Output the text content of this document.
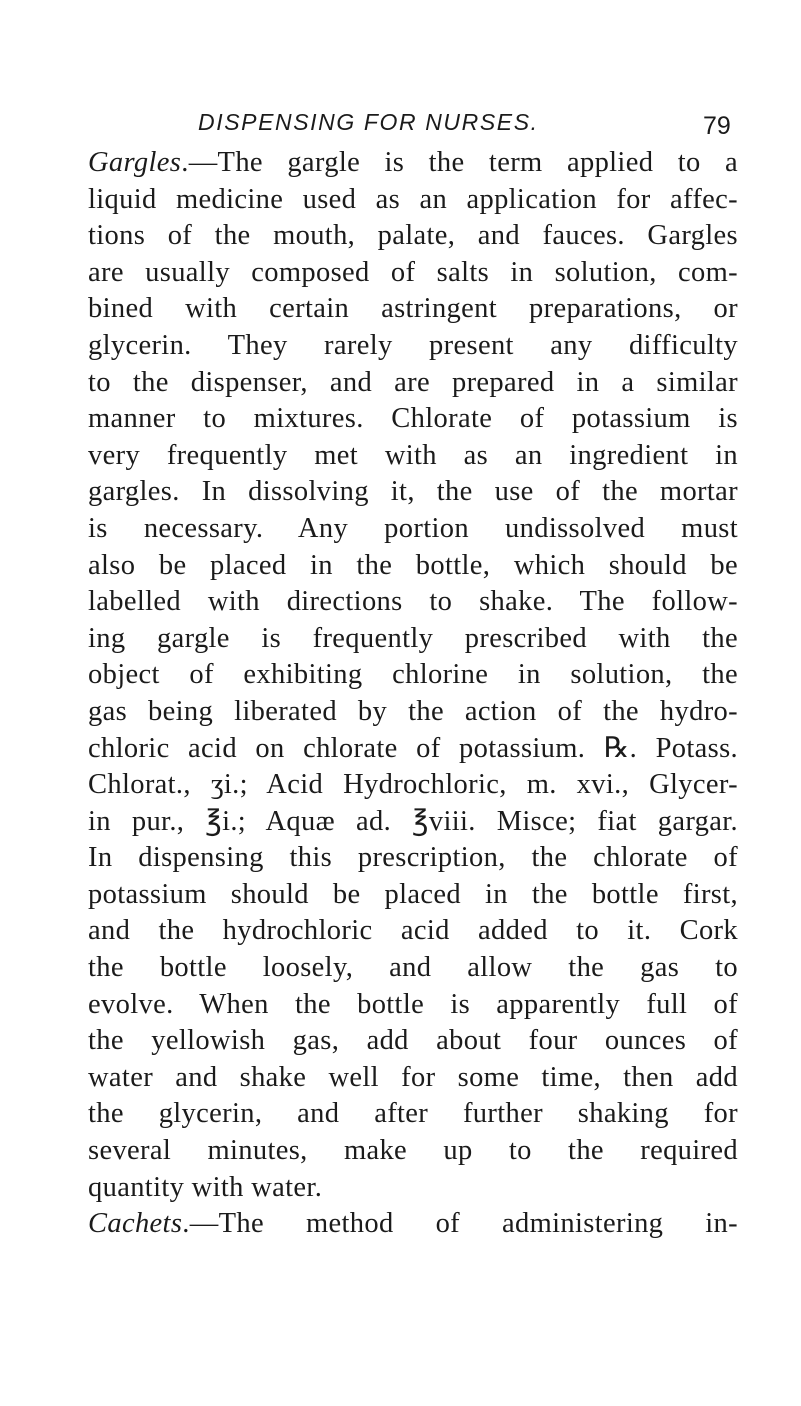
DISPENSING FOR NURSES.	79
Gargles.—The gargle is the term applied to a
liquid medicine used as an application for affec-
tions of the mouth, palate, and fauces. Gargles
are usually composed of salts in solution, com-
bined with certain astringent preparations, or
glycerin. They rarely present any difficulty
to the dispenser, and are prepared in a similar
manner to mixtures. Chlorate of potassium is
very frequently met with as an ingredient in
gargles. In dissolving it, the use of the mortar
is necessary. Any portion undissolved must
also be placed in the bottle, which should be
labelled with directions to shake. The follow-
ing gargle is frequently prescribed with the
object of exhibiting chlorine in solution, the
gas being liberated by the action of the hydro-
chloric acid on chlorate of potassium. ℞. Potass.
Chlorat., ʒi.; Acid Hydrochloric, m. xvi., Glycer-
in pur., ℥i.; Aquæ ad. ℥viii. Misce; fiat gargar.
In dispensing this prescription, the chlorate of
potassium should be placed in the bottle first,
and the hydrochloric acid added to it. Cork
the bottle loosely, and allow the gas to
evolve. When the bottle is apparently full of
the yellowish gas, add about four ounces of
water and shake well for some time, then add
the glycerin, and after further shaking for
several minutes, make up to the required
quantity with water.
Cachets.—The method of administering in-
